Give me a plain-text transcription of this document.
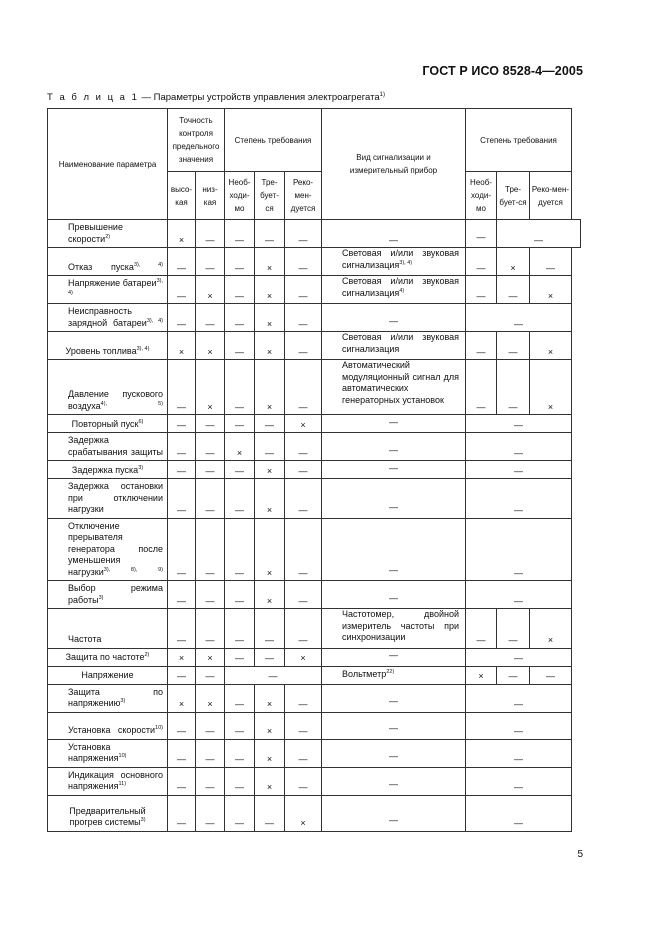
ГОСТ Р ИСО 8528-4—2005
Т а б л и ц а 1 — Параметры устройств управления электроагрегата$^{1)}$
Наименование параметра	Точность контроля предельного значения		Степень требования			Вид сигнализации и измерительный прибор	Степень требования		
	высо-кая	низ-кая	Необ-ходи-мо	Тре-бует-ся	Реко-мен-дуется		Необ-ходи-мо	Тре-бует-ся	Реко-мен-дуется
Превышение скорости$^{2)}$	×	—	—	—	—	—	—	—	
Отказ пуска$^{3), 4)}$	—	—	—	×	—	Световая и/или звуковая сигнализация$^{3), 4)}$	—	×	—
Напряжение батареи$^{3), 4)}$	—	×	—	×	—	Световая и/или звуковая сигнализация$^{4)}$	—	—	×
Неисправность зарядной батареи$^{3), 4)}$	—	—	—	×	—	—	—		
Уровень топлива$^{3), 4)}$	×	×	—	×	—	Световая и/или звуковая сигнализация	—	—	×
Давление пускового воздуха$^{4), 5)}$	—	×	—	×	—	Автоматический модуляционный сигнал для автоматических генераторных установок	—	—	×
Повторный пуск$^{6)}$	—	—	—	—	×	—	—		
Задержка срабатывания защиты	—	—	×	—	—	—	—		
Задержка пуска$^{3)}$	—	—	—	×	—	—	—		
Задержка остановки при отключении нагрузки	—	—	—	×	—	—	—		
Отключение прерывателя генератора после уменьшения нагрузки$^{3), 8), 9)}$	—	—	—	×	—	—	—		
Выбор режима работы$^{3)}$	—	—	—	×	—	—	—		
Частота	—	—	—	—	—	Частотомер, двойной измеритель частоты при синхронизации	—	—	×
Защита по частоте$^{2)}$	×	×	—	—	×	—	—		
Напряжение	—	—	—			Вольтметр$^{22)}$	×	—	—
Защита по напряжению$^{3)}$	×	×	—	×	—	—	—		
Установка скорости$^{10)}$	—	—	—	×	—	—	—		
Установка напряжения$^{10)}$	—	—	—	×	—	—	—		
Индикация основного напряжения$^{11)}$	—	—	—	×	—	—	—		
Предварительный прогрев системы$^{3)}$	—	—	—	—	×	—	—		
5
